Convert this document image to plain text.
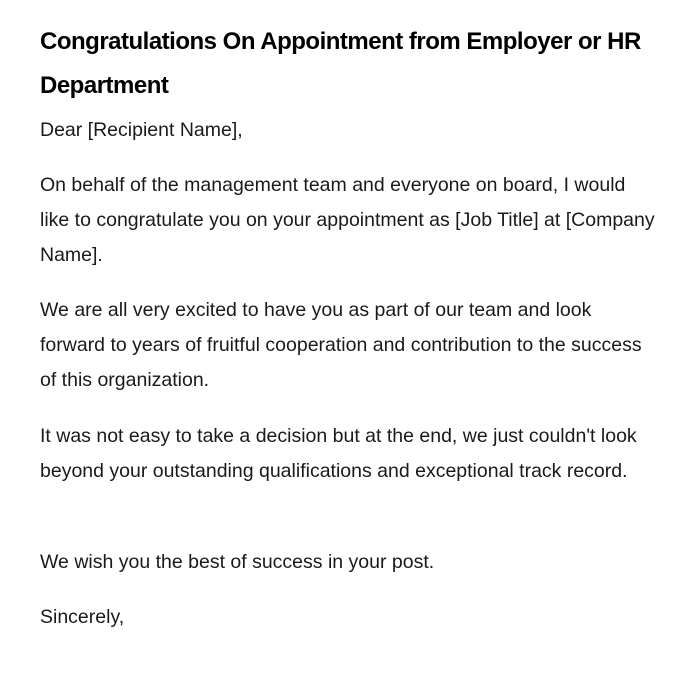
Congratulations On Appointment from Employer or HR Department

Dear [Recipient Name],

On behalf of the management team and everyone on board, I would like to congratulate you on your appointment as [Job Title] at [Company Name].

We are all very excited to have you as part of our team and look forward to years of fruitful cooperation and contribution to the success of this organization.

It was not easy to take a decision but at the end, we just couldn't look beyond your outstanding qualifications and exceptional track record.

We wish you the best of success in your post.

Sincerely,
